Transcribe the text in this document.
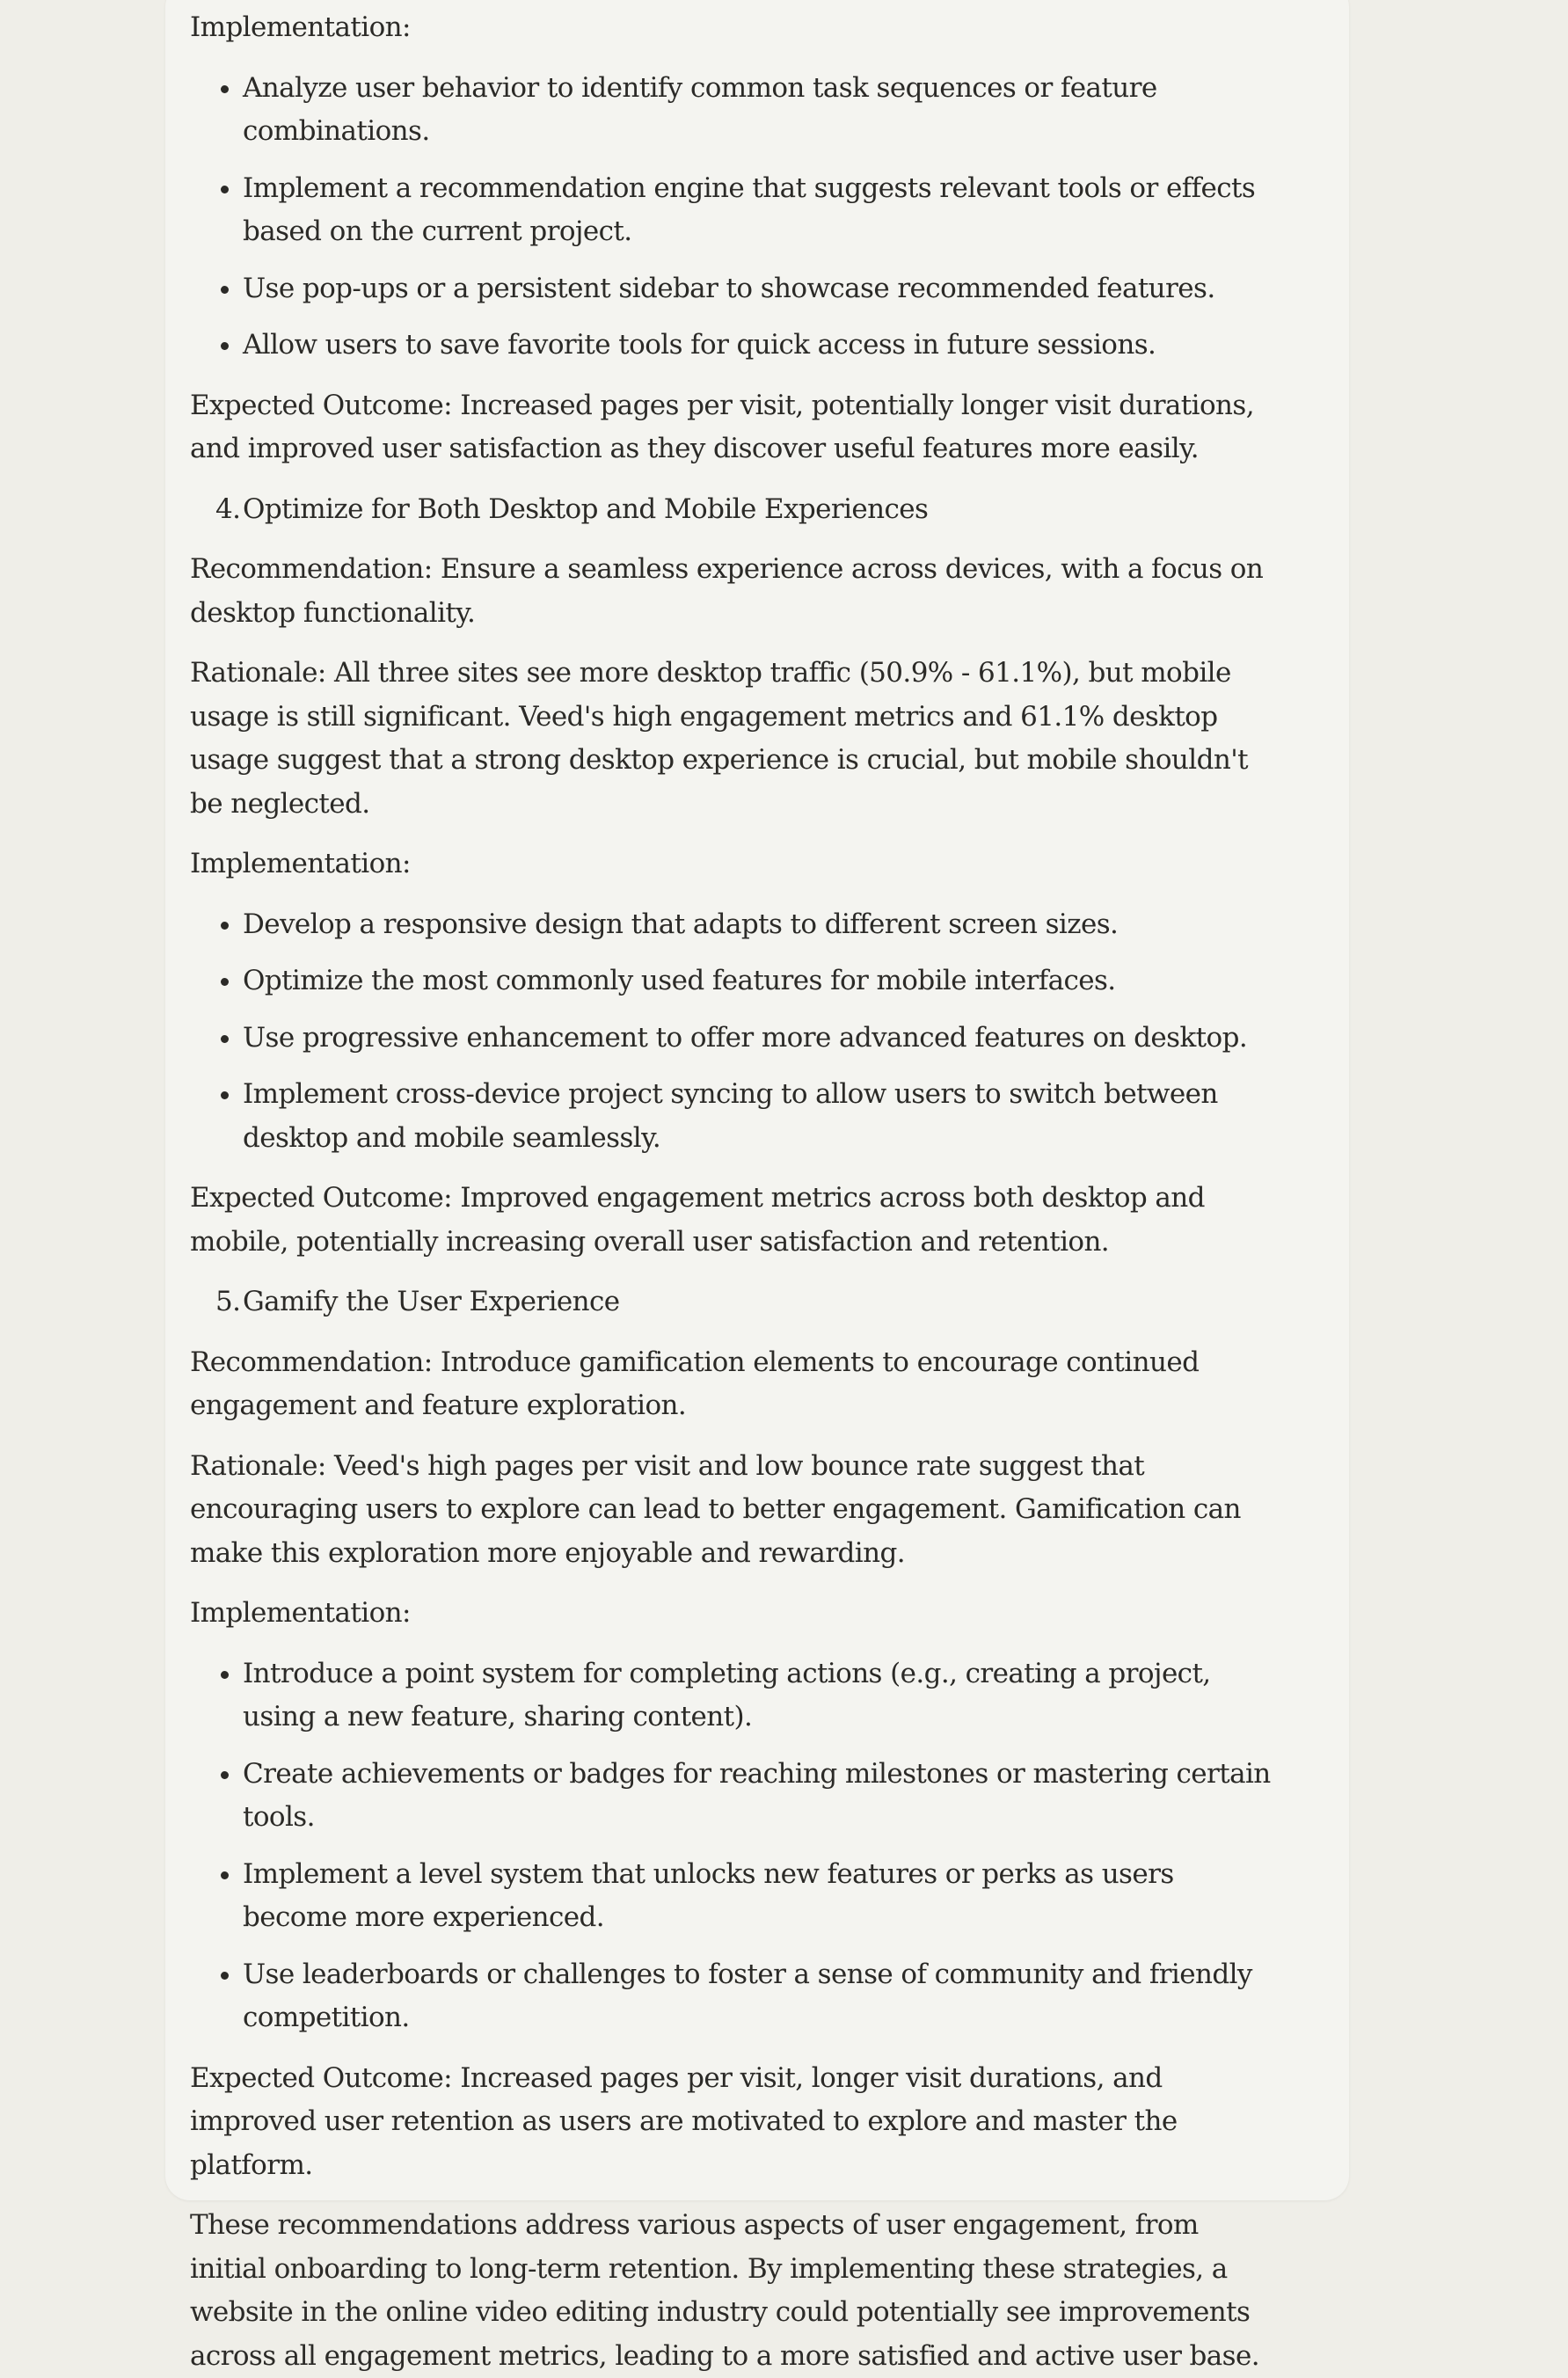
Implementation:

• Analyze user behavior to identify common task sequences or feature combinations.
• Implement a recommendation engine that suggests relevant tools or effects based on the current project.
• Use pop-ups or a persistent sidebar to showcase recommended features.
• Allow users to save favorite tools for quick access in future sessions.

Expected Outcome: Increased pages per visit, potentially longer visit durations, and improved user satisfaction as they discover useful features more easily.

4.Optimize for Both Desktop and Mobile Experiences

Recommendation: Ensure a seamless experience across devices, with a focus on desktop functionality.

Rationale: All three sites see more desktop traffic (50.9% - 61.1%), but mobile usage is still significant. Veed's high engagement metrics and 61.1% desktop usage suggest that a strong desktop experience is crucial, but mobile shouldn't be neglected.

Implementation:

• Develop a responsive design that adapts to different screen sizes.
• Optimize the most commonly used features for mobile interfaces.
• Use progressive enhancement to offer more advanced features on desktop.
• Implement cross-device project syncing to allow users to switch between desktop and mobile seamlessly.

Expected Outcome: Improved engagement metrics across both desktop and mobile, potentially increasing overall user satisfaction and retention.

5.Gamify the User Experience

Recommendation: Introduce gamification elements to encourage continued engagement and feature exploration.

Rationale: Veed's high pages per visit and low bounce rate suggest that encouraging users to explore can lead to better engagement. Gamification can make this exploration more enjoyable and rewarding.

Implementation:

• Introduce a point system for completing actions (e.g., creating a project, using a new feature, sharing content).
• Create achievements or badges for reaching milestones or mastering certain tools.
• Implement a level system that unlocks new features or perks as users become more experienced.
• Use leaderboards or challenges to foster a sense of community and friendly competition.

Expected Outcome: Increased pages per visit, longer visit durations, and improved user retention as users are motivated to explore and master the platform.

These recommendations address various aspects of user engagement, from initial onboarding to long-term retention. By implementing these strategies, a website in the online video editing industry could potentially see improvements across all engagement metrics, leading to a more satisfied and active user base.
